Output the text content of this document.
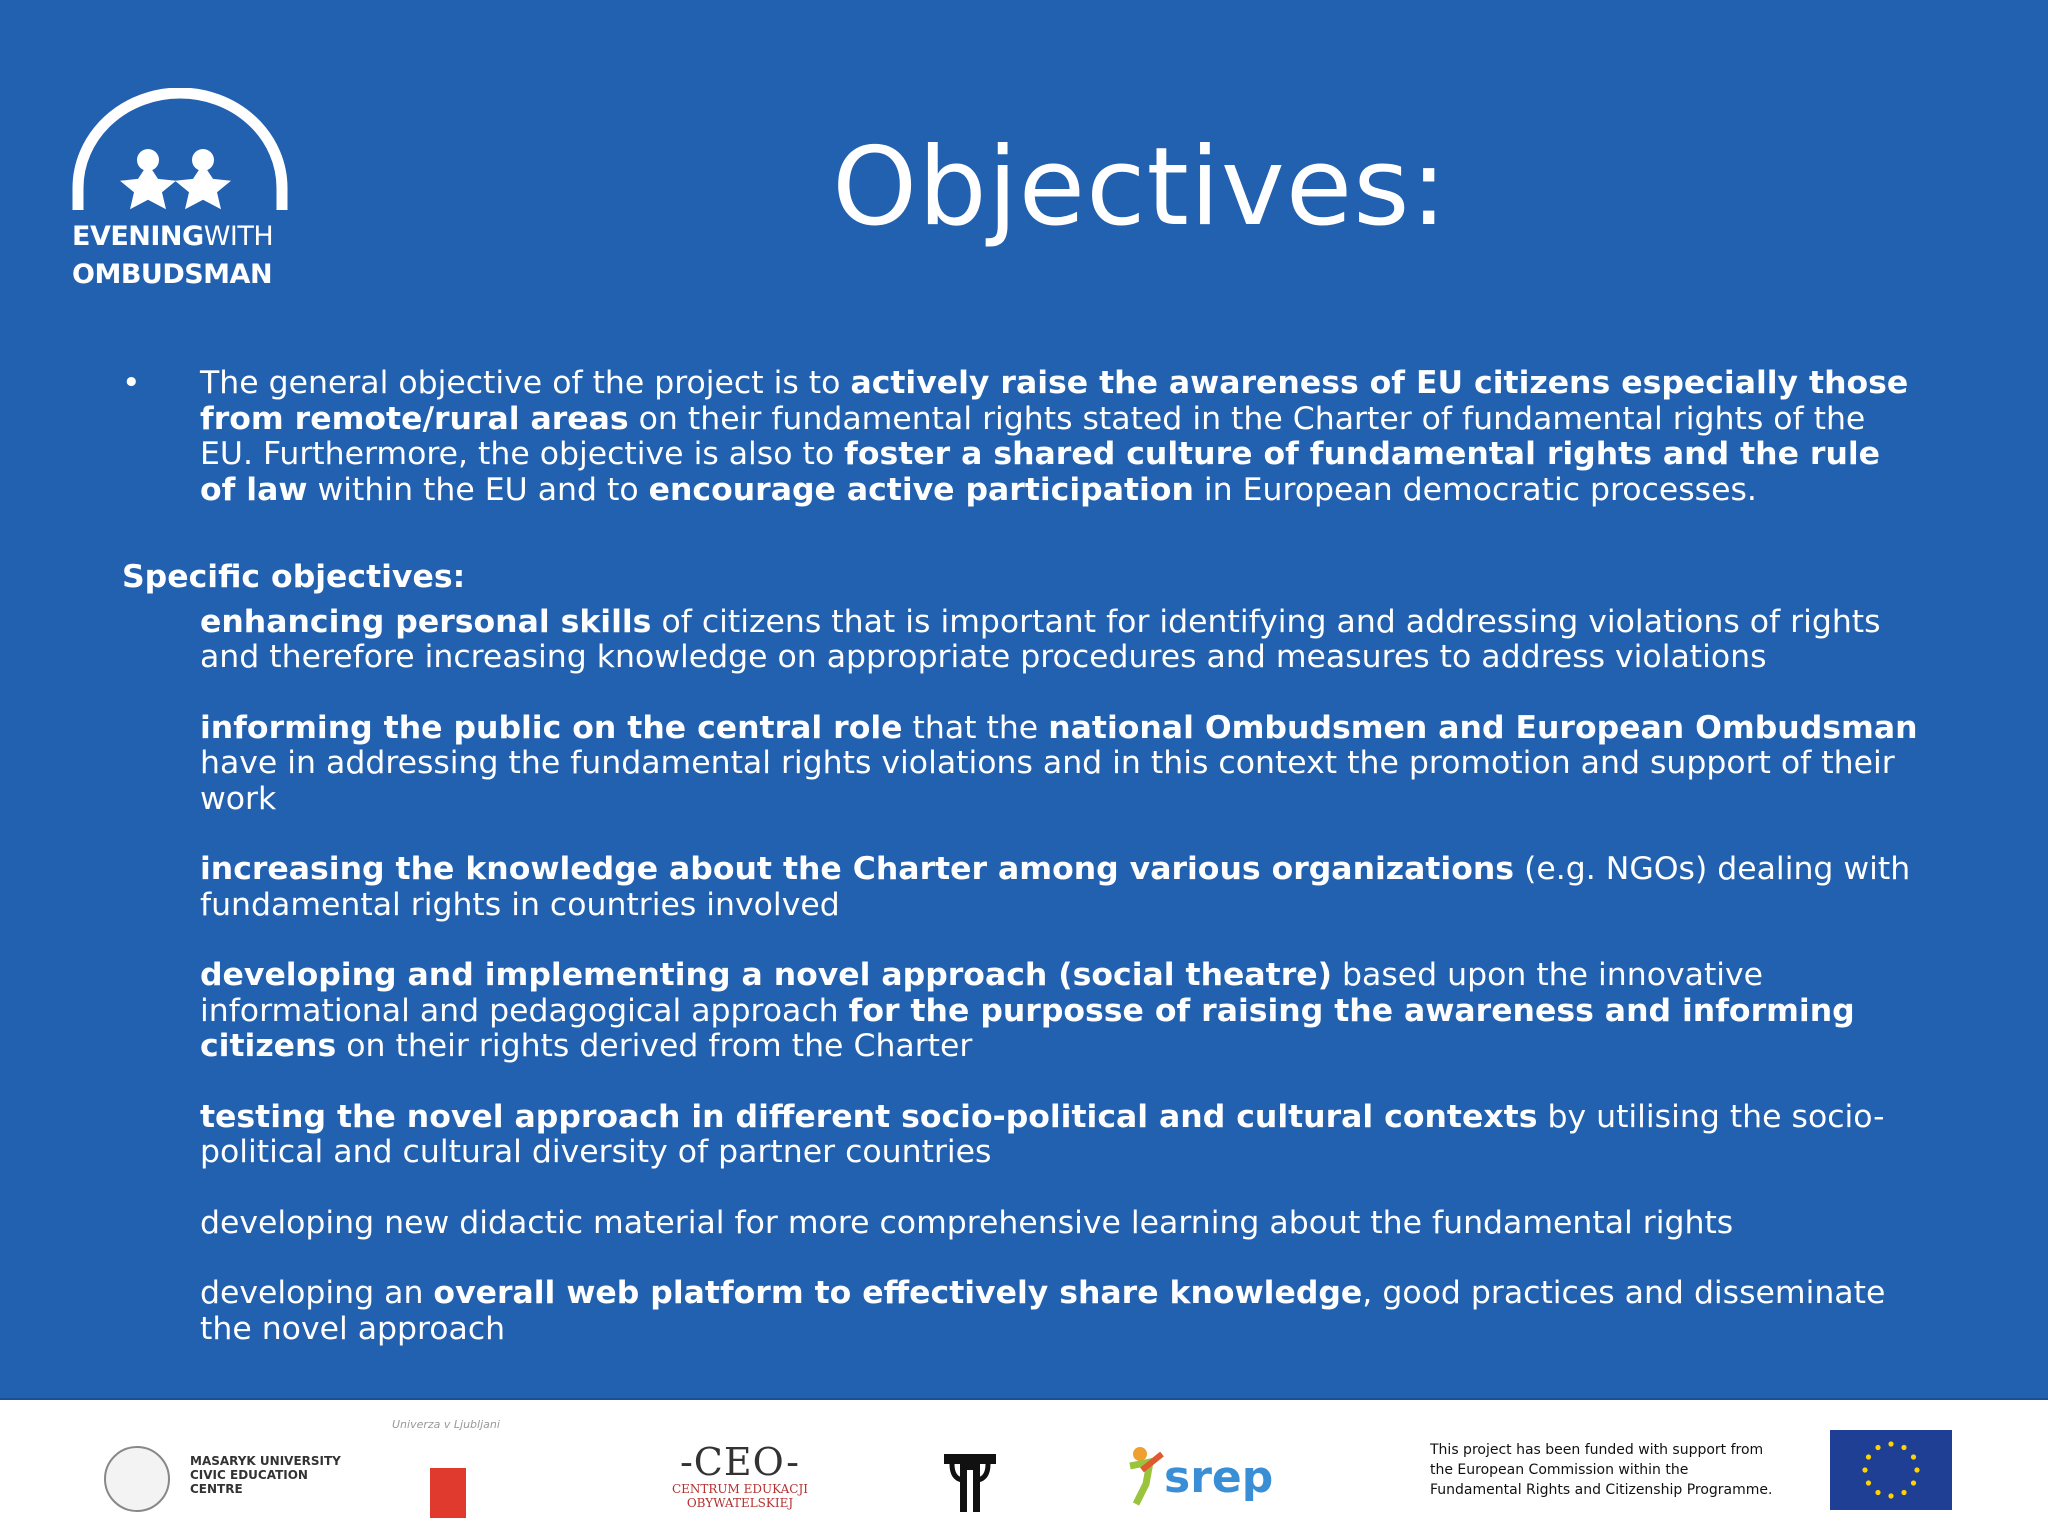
EVENINGWITH
OMBUDSMAN
Objectives:
•	The general objective of the project is to actively raise the awareness of EU citizens especially those from remote/rural areas on their fundamental rights stated in the Charter of fundamental rights of the EU. Furthermore, the objective is also to foster a shared culture of fundamental rights and the rule of law within the EU and to encourage active participation in European democratic processes.
Specific objectives:
enhancing personal skills of citizens that is important for identifying and addressing violations of rights and therefore increasing knowledge on appropriate procedures and measures to address violations
informing the public on the central role that the national Ombudsmen and European Ombudsman have in addressing the fundamental rights violations and in this context the promotion and support of their work
increasing the knowledge about the Charter among various organizations (e.g. NGOs) dealing with fundamental rights in countries involved
developing and implementing a novel approach (social theatre) based upon the innovative informational and pedagogical approach for the purposse of raising the awareness and informing citizens on their rights derived from the Charter
testing the novel approach in different socio-political and cultural contexts by utilising the socio-political and cultural diversity of partner countries
developing new didactic material for more comprehensive learning about the fundamental rights
developing an overall web platform to effectively share knowledge, good practices and disseminate the novel approach
MASARYK UNIVERSITY
CIVIC EDUCATION
CENTRE
Univerza v Ljubljani
-CEO-
CENTRUM EDUKACJI
OBYWATELSKIEJ	srep
This project has been funded with support from
the European Commission within the
Fundamental Rights and Citizenship Programme.
